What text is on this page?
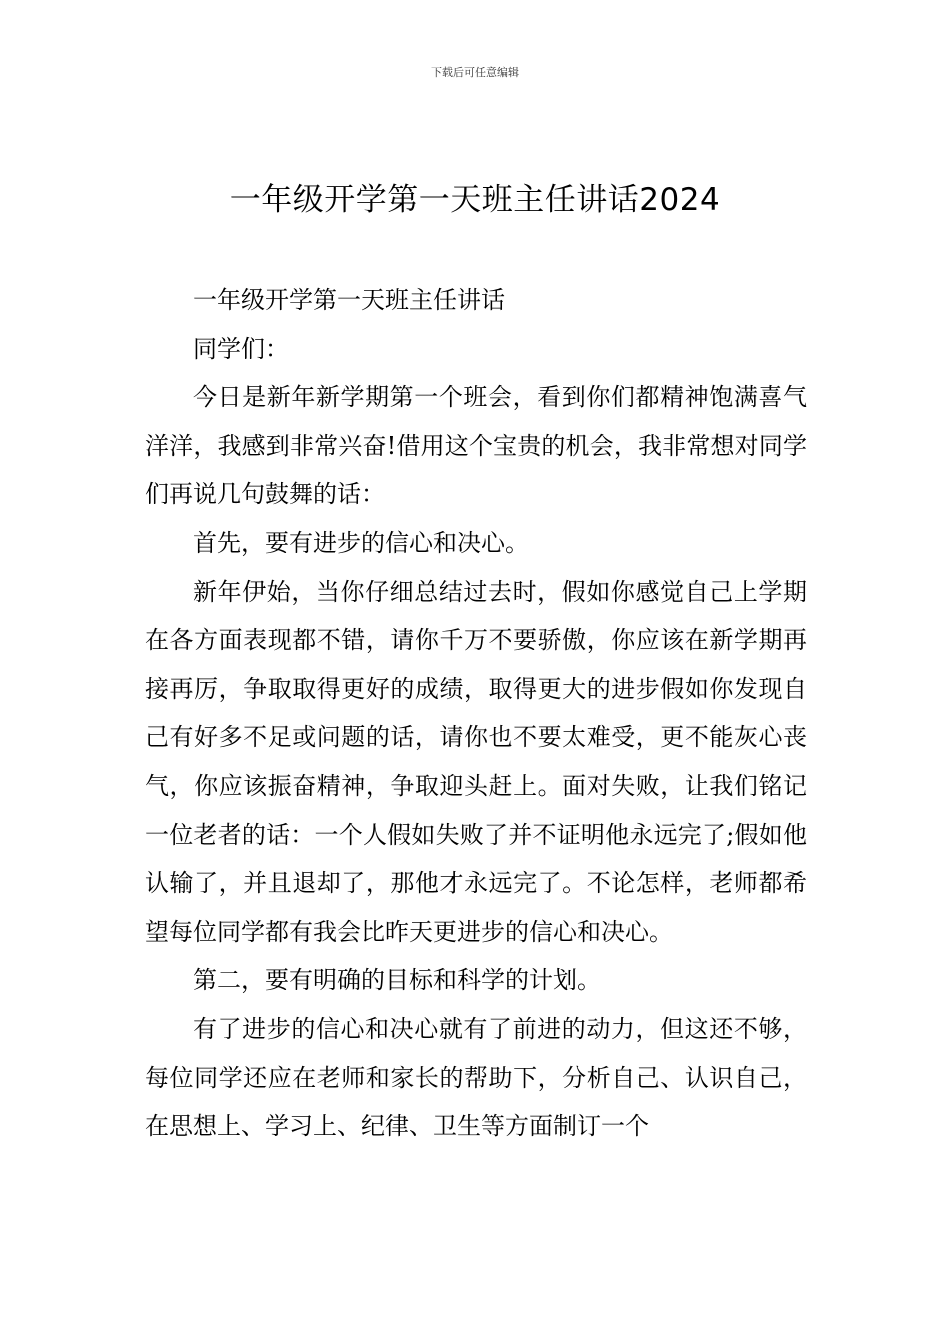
下载后可任意编辑
一年级开学第一天班主任讲话2024

一年级开学第一天班主任讲话

同学们：

今日是新年新学期第一个班会，看到你们都精神饱满喜气洋洋，我感到非常兴奋!借用这个宝贵的机会，我非常想对同学们再说几句鼓舞的话：

首先，要有进步的信心和决心。

新年伊始，当你仔细总结过去时，假如你感觉自己上学期在各方面表现都不错，请你千万不要骄傲，你应该在新学期再接再厉，争取取得更好的成绩，取得更大的进步假如你发现自己有好多不足或问题的话，请你也不要太难受，更不能灰心丧气，你应该振奋精神，争取迎头赶上。面对失败，让我们铭记一位老者的话：一个人假如失败了并不证明他永远完了;假如他认输了，并且退却了，那他才永远完了。不论怎样，老师都希望每位同学都有我会比昨天更进步的信心和决心。

第二，要有明确的目标和科学的计划。

有了进步的信心和决心就有了前进的动力，但这还不够，每位同学还应在老师和家长的帮助下，分析自己、认识自己，在思想上、学习上、纪律、卫生等方面制订一个
